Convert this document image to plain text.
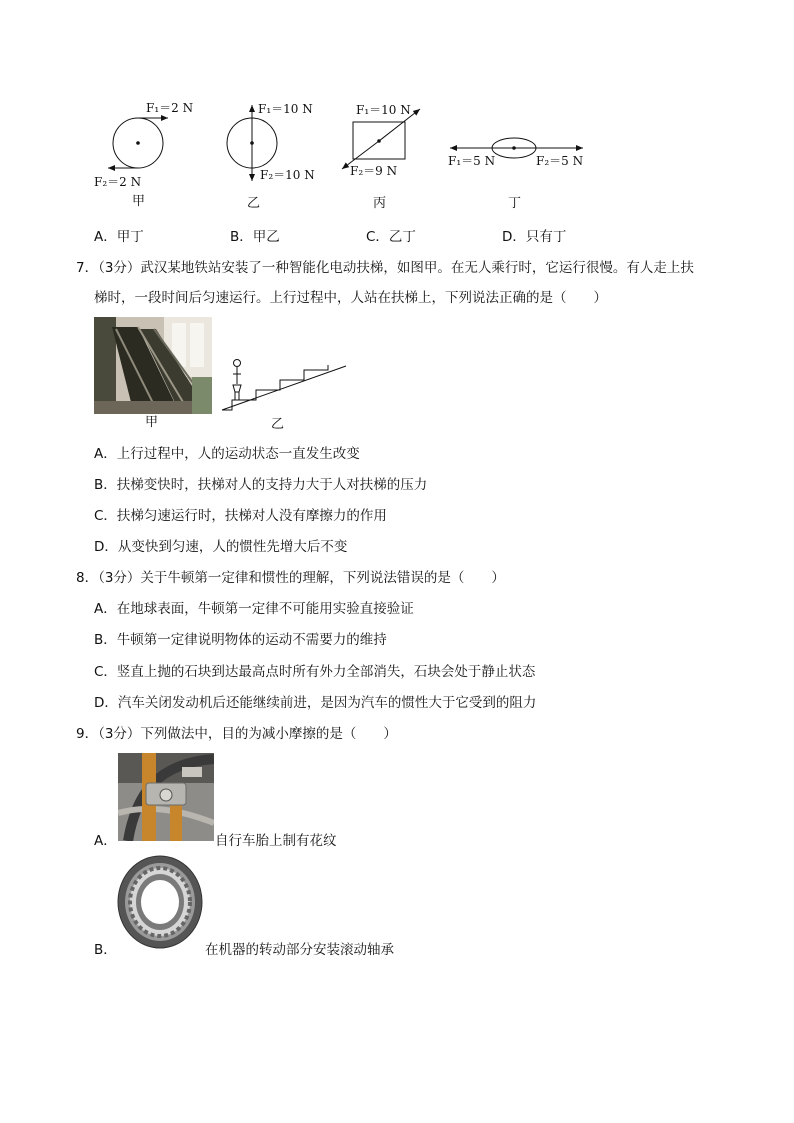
F₁＝2 N
F₂＝2 N
甲
F₁＝10 N
F₂＝10 N
乙
F₁＝10 N
F₂＝9 N
丙
F₁＝5 N	F₂＝5 N
丁
A．甲丁	B．甲乙	C．乙丁	D．只有丁
7．（3分）武汉某地铁站安装了一种智能化电动扶梯，如图甲。在无人乘行时，它运行很慢。有人走上扶
梯时，一段时间后匀速运行。上行过程中，人站在扶梯上，下列说法正确的是（　　）
甲	乙
A．上行过程中，人的运动状态一直发生改变
B．扶梯变快时，扶梯对人的支持力大于人对扶梯的压力
C．扶梯匀速运行时，扶梯对人没有摩擦力的作用
D．从变快到匀速，人的惯性先增大后不变
8．（3分）关于牛顿第一定律和惯性的理解，下列说法错误的是（　　）
A．在地球表面，牛顿第一定律不可能用实验直接验证
B．牛顿第一定律说明物体的运动不需要力的维持
C．竖直上抛的石块到达最高点时所有外力全部消失，石块会处于静止状态
D．汽车关闭发动机后还能继续前进，是因为汽车的惯性大于它受到的阻力
9．（3分）下列做法中，目的为减小摩擦的是（　　）
A．	自行车胎上制有花纹
B．	在机器的转动部分安装滚动轴承
